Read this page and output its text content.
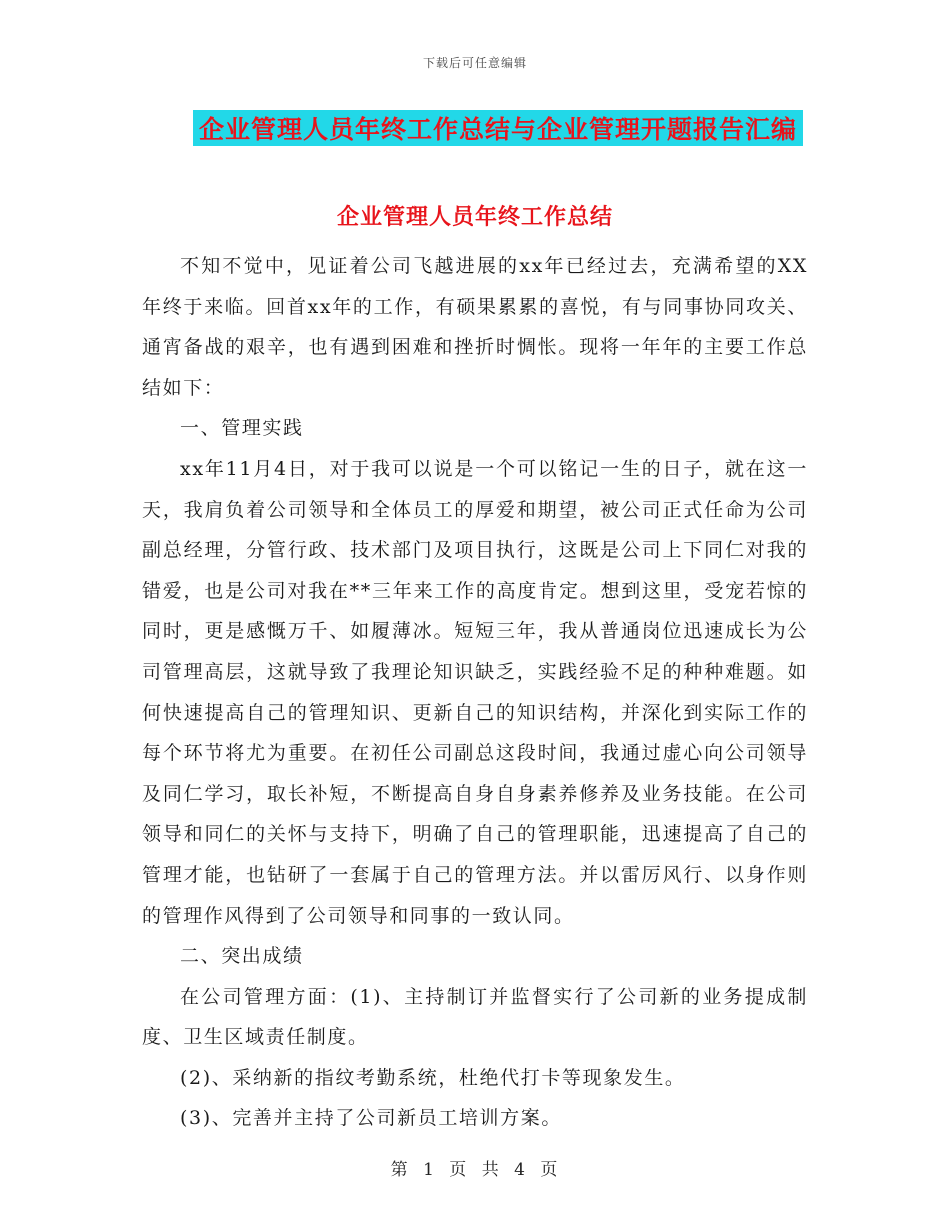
下载后可任意编辑
企业管理人员年终工作总结与企业管理开题报告汇编
企业管理人员年终工作总结

不知不觉中，见证着公司飞越进展的xx年已经过去，充满希望的XX年终于来临。回首xx年的工作，有硕果累累的喜悦，有与同事协同攻关、通宵备战的艰辛，也有遇到困难和挫折时惆怅。现将一年年的主要工作总结如下：

一、管理实践

xx年11月4日，对于我可以说是一个可以铭记一生的日子，就在这一天，我肩负着公司领导和全体员工的厚爱和期望，被公司正式任命为公司副总经理，分管行政、技术部门及项目执行，这既是公司上下同仁对我的错爱，也是公司对我在**三年来工作的高度肯定。想到这里，受宠若惊的同时，更是感慨万千、如履薄冰。短短三年，我从普通岗位迅速成长为公司管理高层，这就导致了我理论知识缺乏，实践经验不足的种种难题。如何快速提高自己的管理知识、更新自己的知识结构，并深化到实际工作的每个环节将尤为重要。在初任公司副总这段时间，我通过虚心向公司领导及同仁学习，取长补短，不断提高自身自身素养修养及业务技能。在公司领导和同仁的关怀与支持下，明确了自己的管理职能，迅速提高了自己的管理才能，也钻研了一套属于自己的管理方法。并以雷厉风行、以身作则的管理作风得到了公司领导和同事的一致认同。

二、突出成绩

在公司管理方面：(1)、主持制订并监督实行了公司新的业务提成制度、卫生区域责任制度。

(2)、采纳新的指纹考勤系统，杜绝代打卡等现象发生。

(3)、完善并主持了公司新员工培训方案。

第 1 页 共 4 页
